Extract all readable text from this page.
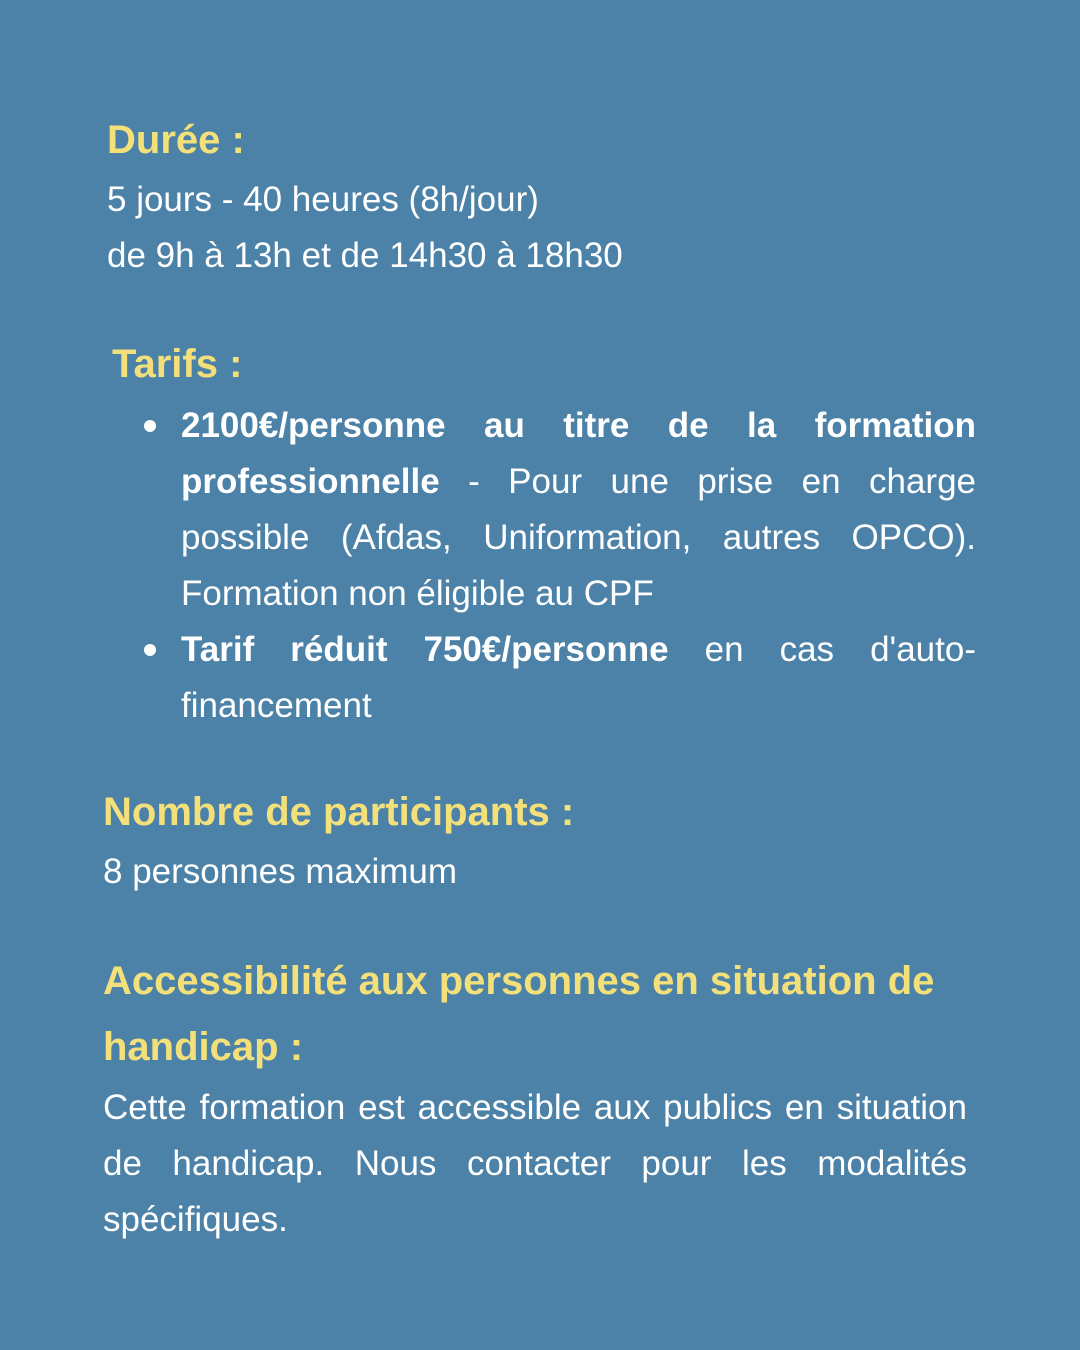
Durée :

5 jours - 40 heures (8h/jour)

de 9h à 13h et de 14h30 à 18h30

Tarifs :
2100€/personne au titre de la formation professionnelle - Pour une prise en charge possible (Afdas, Uniformation, autres OPCO). Formation non éligible au CPF
Tarif réduit 750€/personne en cas d'auto-financement
Nombre de participants :

8 personnes maximum

Accessibilité aux personnes en situation de handicap :

Cette formation est accessible aux publics en situation de handicap. Nous contacter pour les modalités spécifiques.
